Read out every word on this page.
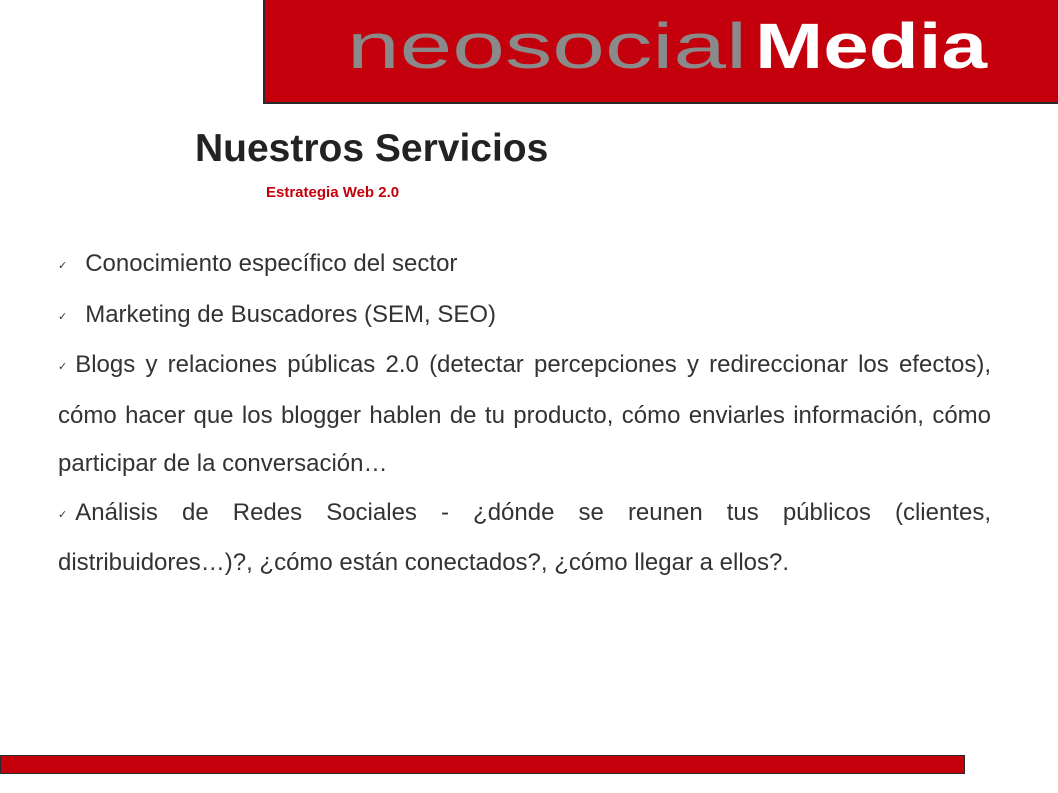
neosocial Media
Nuestros Servicios
Estrategia Web 2.0
✓ Conocimiento específico del sector
✓ Marketing de Buscadores (SEM, SEO)
✓ Blogs y relaciones públicas 2.0 (detectar percepciones y redireccionar los efectos), cómo hacer que los blogger hablen de tu producto, cómo enviarles información, cómo participar de la conversación…
✓ Análisis de Redes Sociales - ¿dónde se reunen tus públicos (clientes, distribuidores…)?, ¿cómo están conectados?, ¿cómo llegar a ellos?.
